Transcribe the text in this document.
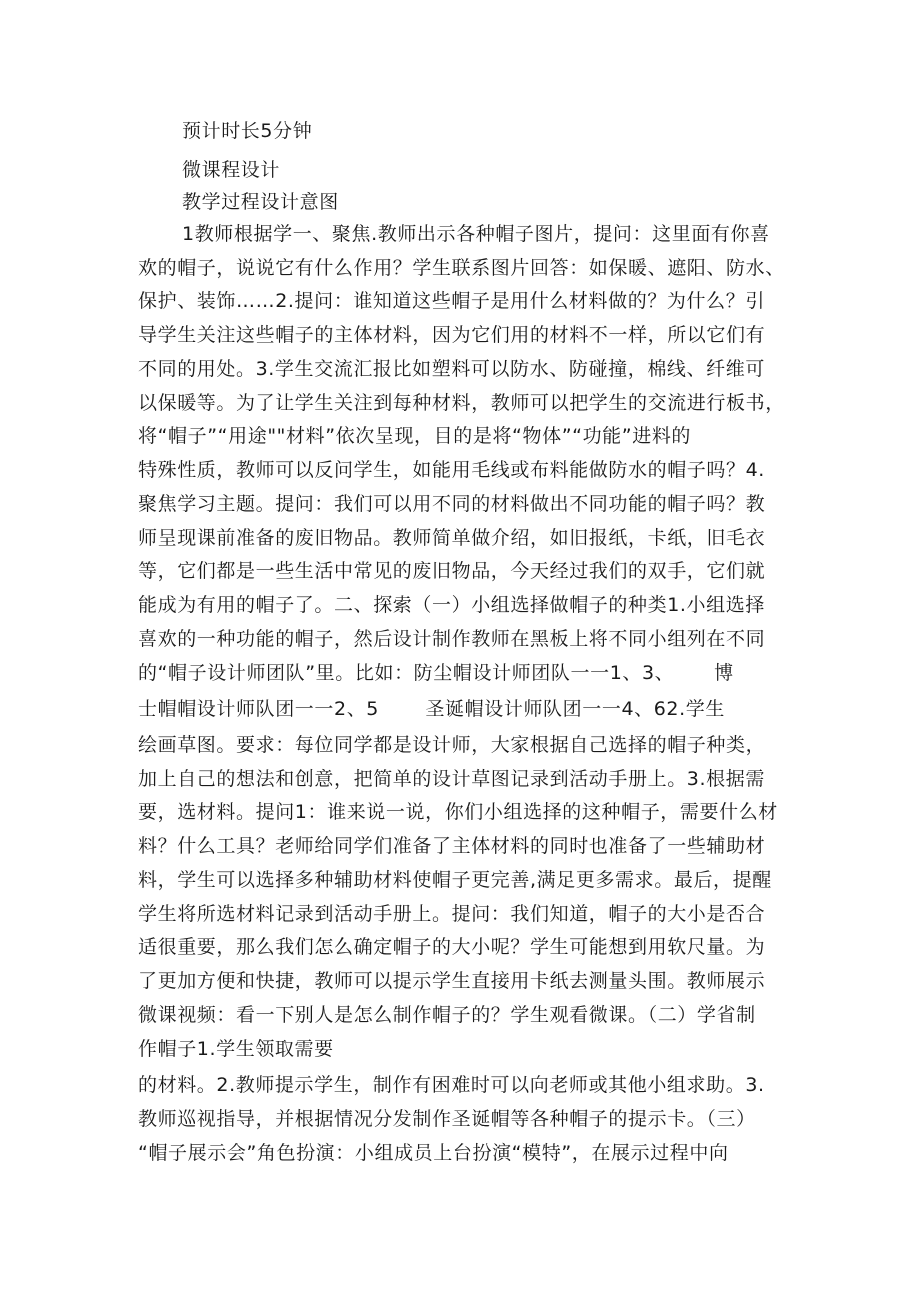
预计时长5分钟
微课程设计
教学过程设计意图
1教师根据学一、聚焦.教师出示各种帽子图片，提问：这里面有你喜
欢的帽子，说说它有什么作用？学生联系图片回答：如保暖、遮阳、防水、
保护、装饰……2.提问：谁知道这些帽子是用什么材料做的？为什么？引
导学生关注这些帽子的主体材料，因为它们用的材料不一样，所以它们有
不同的用处。3.学生交流汇报比如塑料可以防水、防碰撞，棉线、纤维可
以保暖等。为了让学生关注到每种材料，教师可以把学生的交流进行板书，
将“帽子”“用途""材料”依次呈现，目的是将“物体”“功能”进料的
特殊性质，教师可以反问学生，如能用毛线或布料能做防水的帽子吗？4.
聚焦学习主题。提问：我们可以用不同的材料做出不同功能的帽子吗？教
师呈现课前准备的废旧物品。教师简单做介绍，如旧报纸，卡纸，旧毛衣
等，它们都是一些生活中常见的废旧物品，今天经过我们的双手，它们就
能成为有用的帽子了。二、探索（一）小组选择做帽子的种类1.小组选择
喜欢的一种功能的帽子，然后设计制作教师在黑板上将不同小组列在不同
的“帽子设计师团队”里。比如：防尘帽设计师团队一一1、3、      博
士帽帽设计师队团一一2、5       圣诞帽设计师队团一一4、62.学生
绘画草图。要求：每位同学都是设计师，大家根据自己选择的帽子种类，
加上自己的想法和创意，把简单的设计草图记录到活动手册上。3.根据需
要，选材料。提问1：谁来说一说，你们小组选择的这种帽子，需要什么材
料？什么工具？老师给同学们准备了主体材料的同时也准备了一些辅助材
料，学生可以选择多种辅助材料使帽子更完善,满足更多需求。最后，提醒
学生将所选材料记录到活动手册上。提问：我们知道，帽子的大小是否合
适很重要，那么我们怎么确定帽子的大小呢？学生可能想到用软尺量。为
了更加方便和快捷，教师可以提示学生直接用卡纸去测量头围。教师展示
微课视频：看一下别人是怎么制作帽子的？学生观看微课。（二）学省制
作帽子1.学生领取需要
的材料。2.教师提示学生，制作有困难时可以向老师或其他小组求助。3.
教师巡视指导，并根据情况分发制作圣诞帽等各种帽子的提示卡。（三）
“帽子展示会”角色扮演：小组成员上台扮演“模特”，在展示过程中向
